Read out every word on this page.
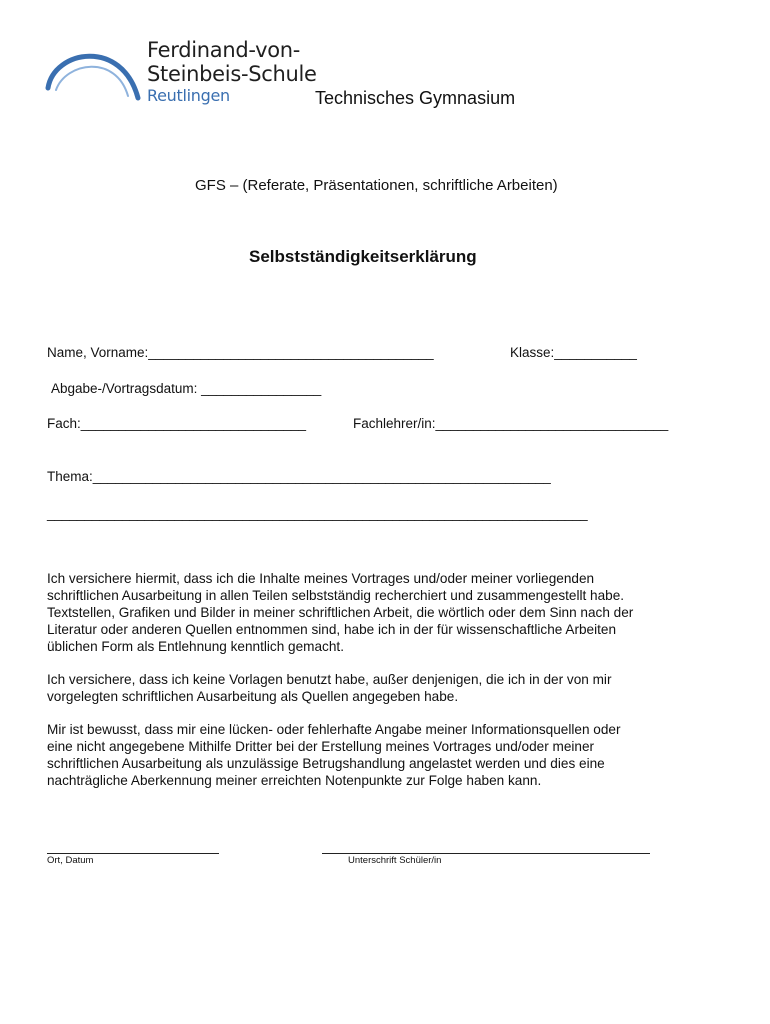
Ferdinand-von-
Steinbeis-Schule
Reutlingen	Technisches Gymnasium
GFS – (Referate, Präsentationen, schriftliche Arbeiten)
Selbstständigkeitserklärung
Name, Vorname:______________________________________	Klasse:___________
Abgabe-/Vortragsdatum: ________________
Fach:______________________________	Fachlehrer/in:_______________________________
Thema:_____________________________________________________________
________________________________________________________________________

Ich versichere hiermit, dass ich die Inhalte meines Vortrages und/oder meiner vorliegenden

schriftlichen Ausarbeitung in allen Teilen selbstständig recherchiert und zusammengestellt habe.

Textstellen, Grafiken und Bilder in meiner schriftlichen Arbeit, die wörtlich oder dem Sinn nach der

Literatur oder anderen Quellen entnommen sind, habe ich in der für wissenschaftliche Arbeiten

üblichen Form als Entlehnung kenntlich gemacht.

Ich versichere, dass ich keine Vorlagen benutzt habe, außer denjenigen, die ich in der von mir

vorgelegten schriftlichen Ausarbeitung als Quellen angegeben habe.

Mir ist bewusst, dass mir eine lücken- oder fehlerhafte Angabe meiner Informationsquellen oder

eine nicht angegebene Mithilfe Dritter bei der Erstellung meines Vortrages und/oder meiner

schriftlichen Ausarbeitung als unzulässige Betrugshandlung angelastet werden und dies eine

nachträgliche Aberkennung meiner erreichten Notenpunkte zur Folge haben kann.

Ort, Datum	Unterschrift Schüler/in
